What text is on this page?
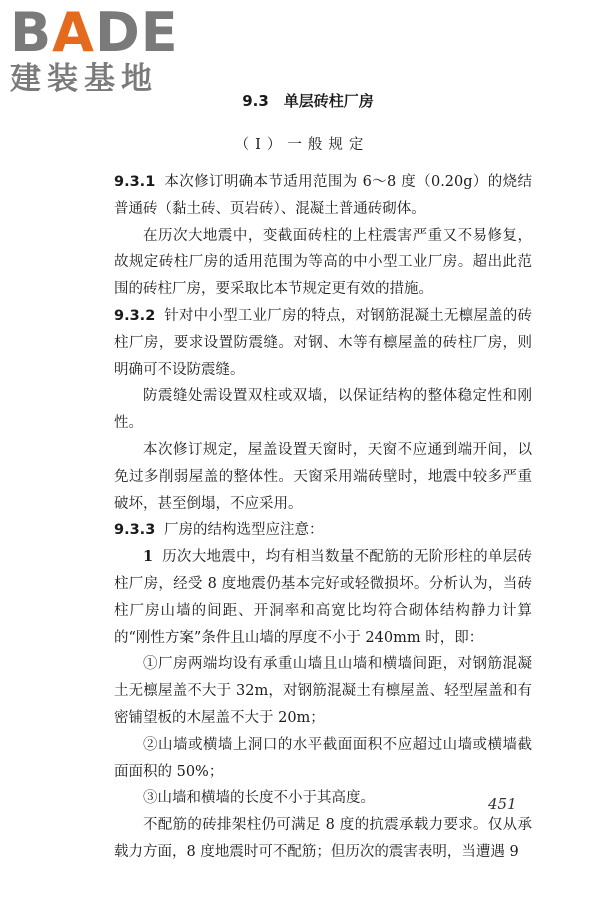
BADE
建装基地
9.3　单层砖柱厂房
（Ⅰ）一般规定

9.3.1 本次修订明确本节适用范围为 6～8 度（0.20g）的烧结普通砖（黏土砖、页岩砖）、混凝土普通砖砌体。

在历次大地震中，变截面砖柱的上柱震害严重又不易修复，故规定砖柱厂房的适用范围为等高的中小型工业厂房。超出此范围的砖柱厂房，要采取比本节规定更有效的措施。

9.3.2 针对中小型工业厂房的特点，对钢筋混凝土无檩屋盖的砖柱厂房，要求设置防震缝。对钢、木等有檩屋盖的砖柱厂房，则明确可不设防震缝。

防震缝处需设置双柱或双墙，以保证结构的整体稳定性和刚性。

本次修订规定，屋盖设置天窗时，天窗不应通到端开间，以免过多削弱屋盖的整体性。天窗采用端砖壁时，地震中较多严重破坏，甚至倒塌，不应采用。

9.3.3 厂房的结构选型应注意：

1 历次大地震中，均有相当数量不配筋的无阶形柱的单层砖柱厂房，经受 8 度地震仍基本完好或轻微损坏。分析认为，当砖柱厂房山墙的间距、开洞率和高宽比均符合砌体结构静力计算的“刚性方案”条件且山墙的厚度不小于 240mm 时，即：

①厂房两端均设有承重山墙且山墙和横墙间距，对钢筋混凝土无檩屋盖不大于 32m，对钢筋混凝土有檩屋盖、轻型屋盖和有密铺望板的木屋盖不大于 20m；

②山墙或横墙上洞口的水平截面面积不应超过山墙或横墙截面面积的 50%；

③山墙和横墙的长度不小于其高度。

不配筋的砖排架柱仍可满足 8 度的抗震承载力要求。仅从承载力方面，8 度地震时可不配筋；但历次的震害表明，当遭遇 9

451
